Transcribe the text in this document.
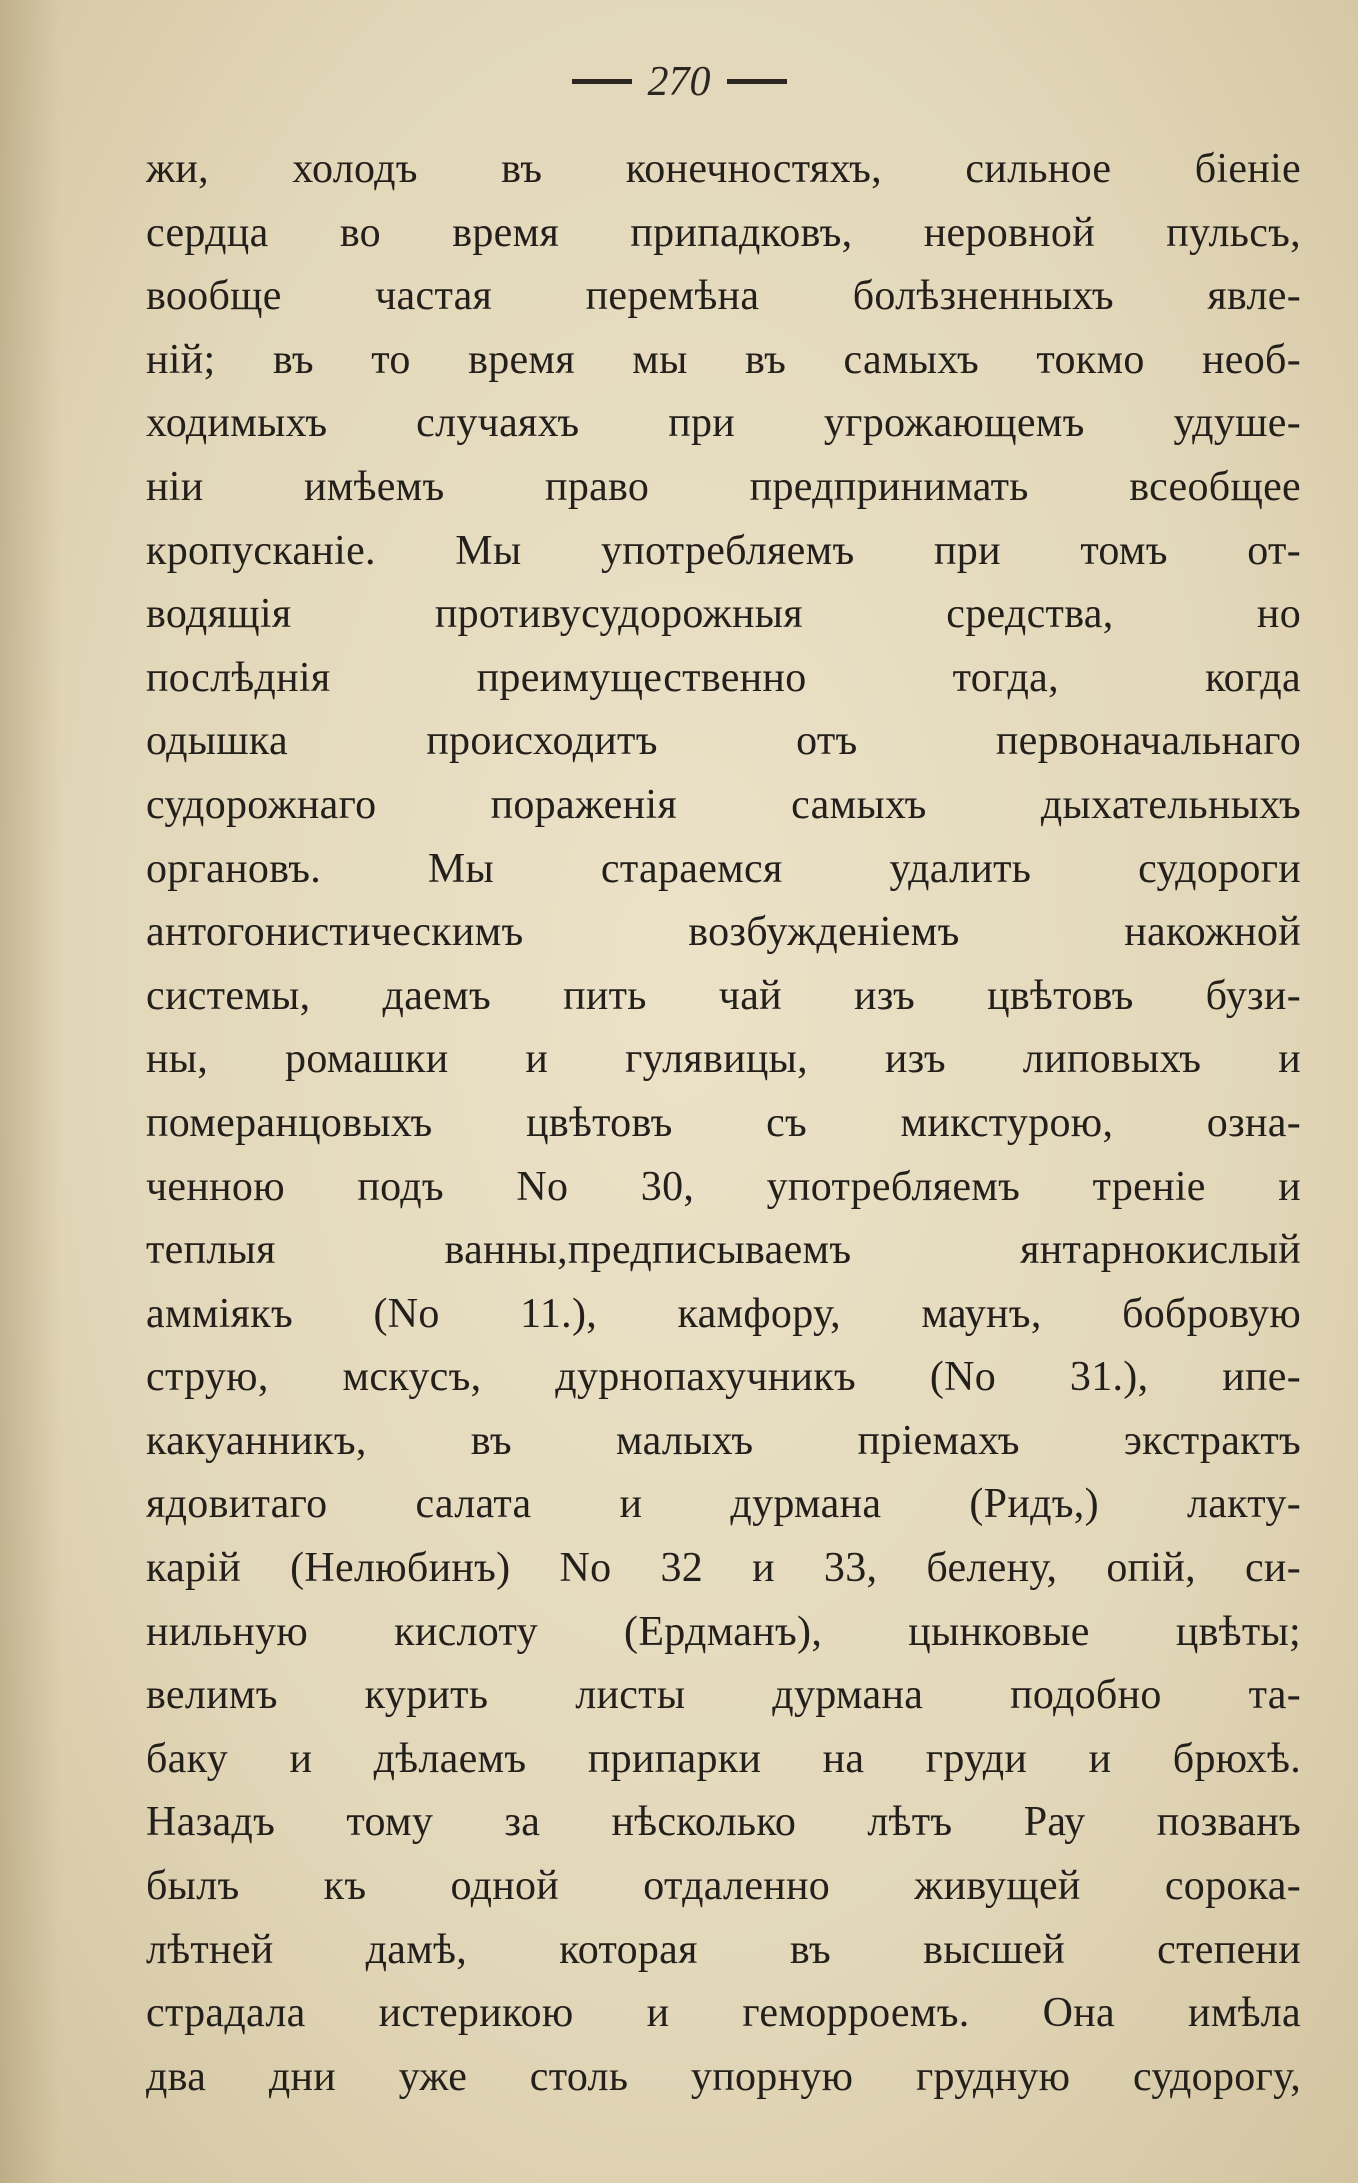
270
жи, холодъ въ конечностяхъ, сильное біеніе
сердца во время припадковъ, неровной пульсъ,
вообще частая перемѣна болѣзненныхъ явле-
ній; въ то время мы въ самыхъ токмо необ-
ходимыхъ случаяхъ при угрожающемъ удуше-
ніи имѣемъ право предпринимать всеобщее
кропусканіе. Мы употребляемъ при томъ от-
водящія противусудорожныя средства, но
послѣднія преимущественно тогда, когда
одышка происходитъ отъ первоначальнаго
судорожнаго пораженія самыхъ дыхательныхъ
органовъ. Мы стараемся удалить судороги
антогонистическимъ возбужденіемъ накожной
системы, даемъ пить чай изъ цвѣтовъ бузи-
ны, ромашки и гулявицы, изъ липовыхъ и
померанцовыхъ цвѣтовъ съ микстурою, озна-
ченною подъ No 30, употребляемъ треніе и
теплыя ванны,предписываемъ янтарнокислый
аммiякъ (No 11.), камфору, маунъ, бобровую
струю, мскусъ, дурнопахучникъ (No 31.), ипе-
какуанникъ, въ малыхъ пріемахъ экстрактъ
ядовитаго салата и дурмана (Ридъ,) лакту-
карій (Нелюбинъ) No 32 и 33, белену, опій, си-
нильную кислоту (Ердманъ), цынковые цвѣты;
велимъ курить листы дурмана подобно та-
баку и дѣлаемъ припарки на груди и брюхѣ.
Назадъ тому за нѣсколько лѣтъ Рау позванъ
былъ къ одной отдаленно живущей сорока-
лѣтней дамѣ, которая въ высшей степени
страдала истерикою и геморроемъ. Она имѣла
два дни уже столь упорную грудную судорогу,
